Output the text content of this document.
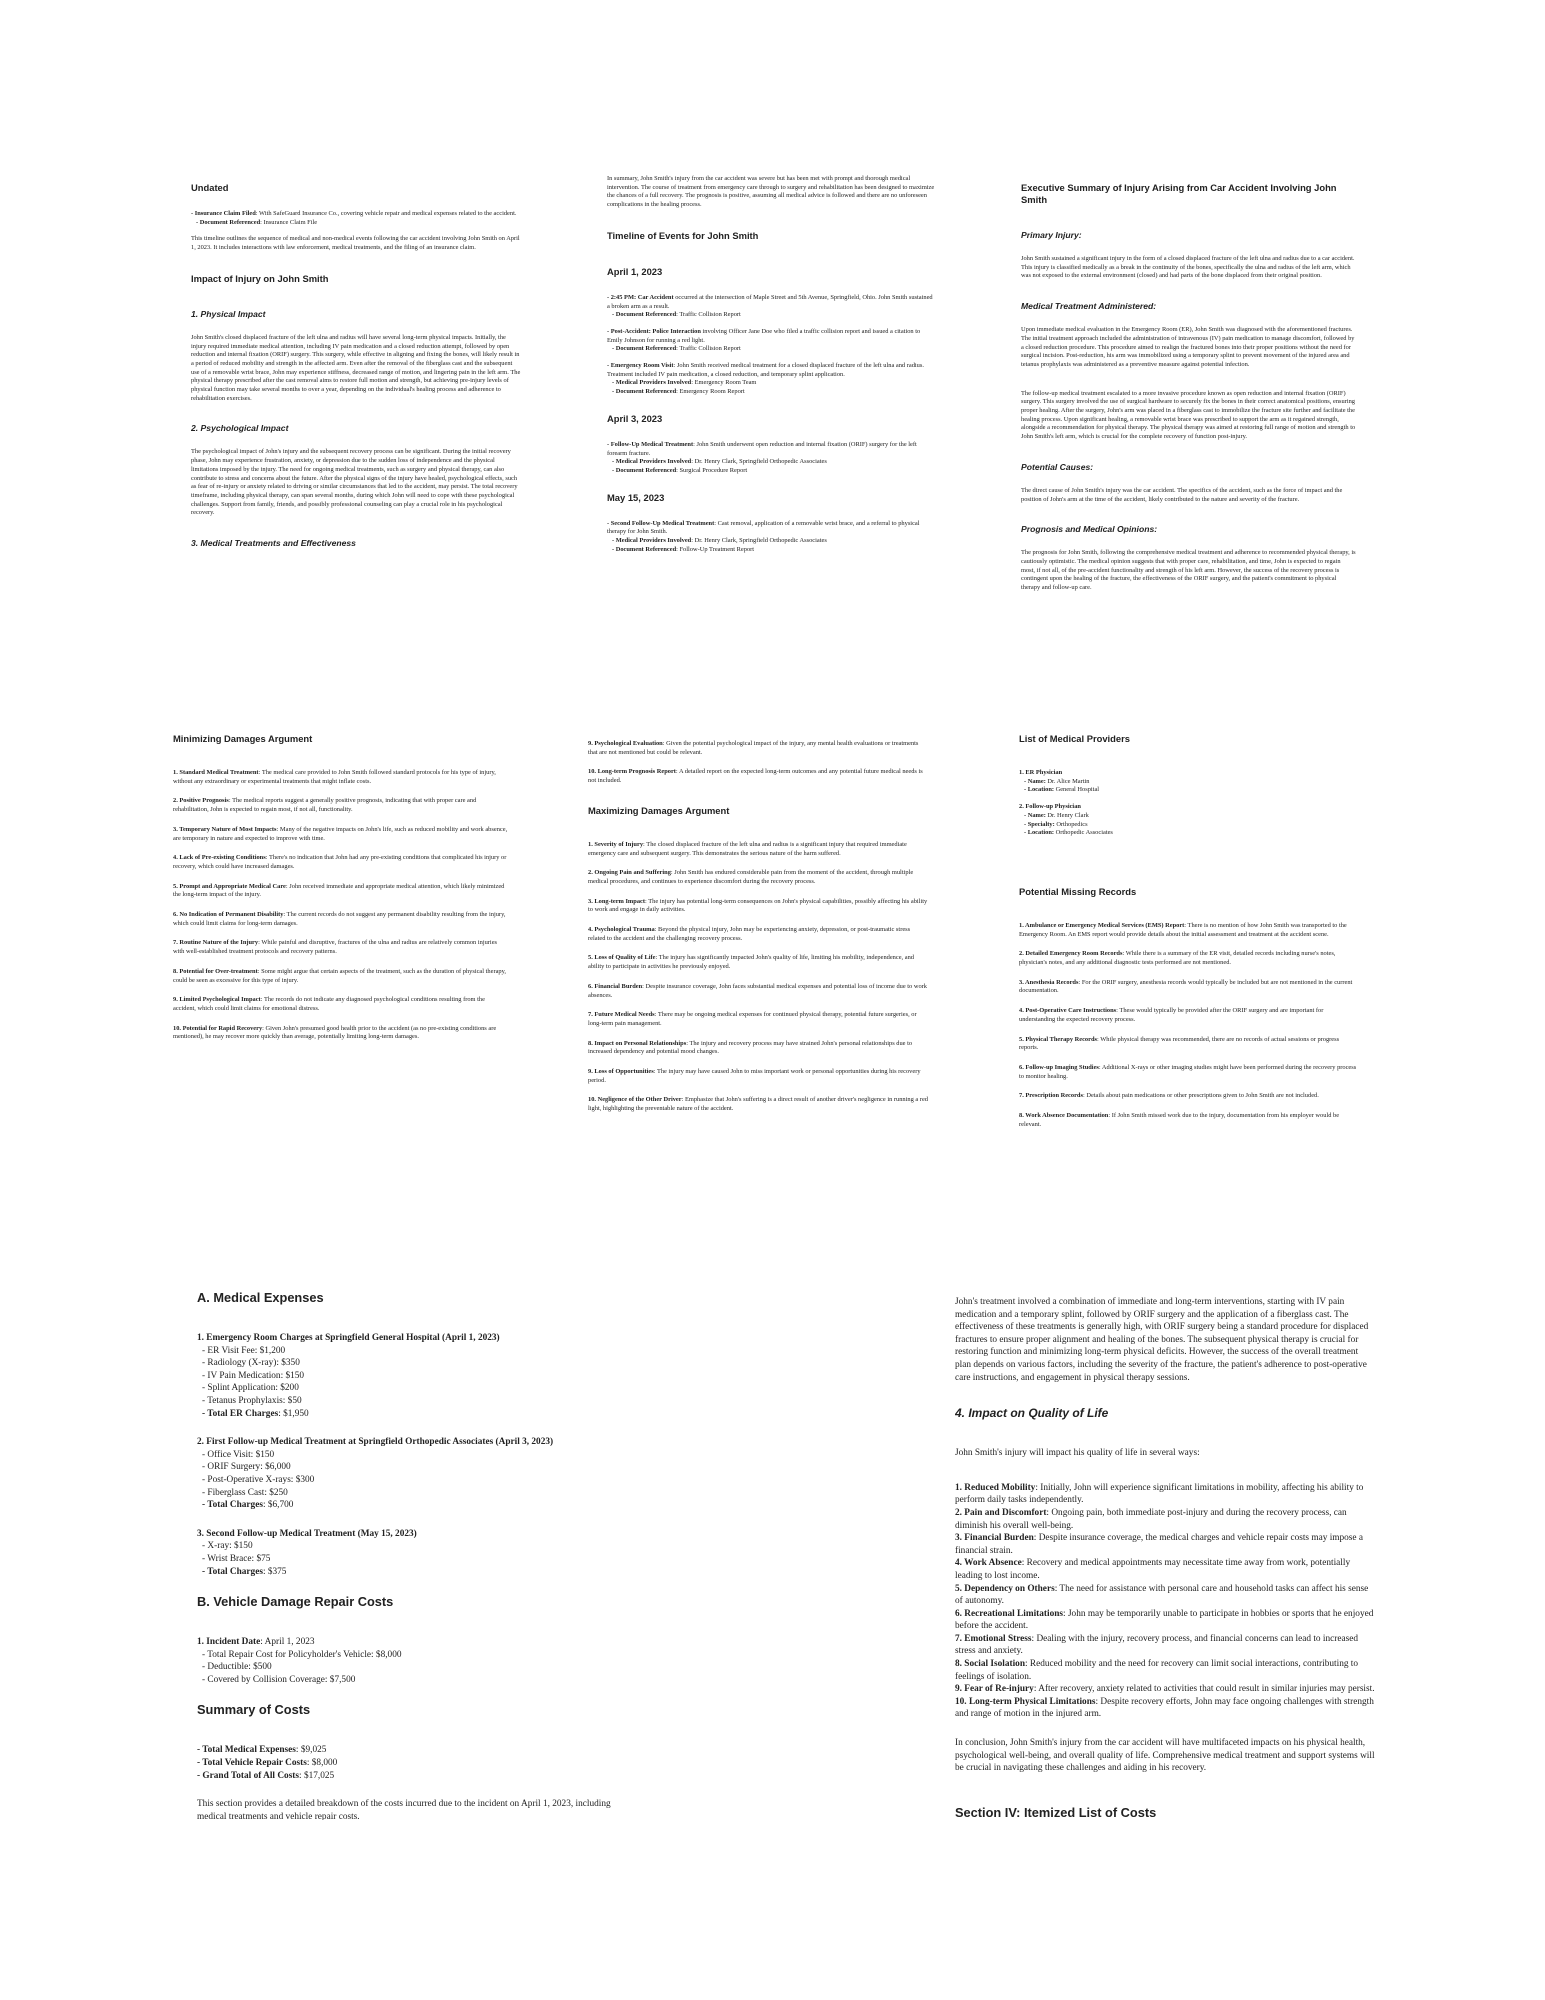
Undated

- Insurance Claim Filed: With SafeGuard Insurance Co., covering vehicle repair and medical expenses related to the accident.

- Document Referenced: Insurance Claim File

This timeline outlines the sequence of medical and non-medical events following the car accident involving John Smith on April 1, 2023. It includes interactions with law enforcement, medical treatments, and the filing of an insurance claim.

Impact of Injury on John Smith
1. Physical Impact

John Smith's closed displaced fracture of the left ulna and radius will have several long-term physical impacts. Initially, the injury required immediate medical attention, including IV pain medication and a closed reduction attempt, followed by open reduction and internal fixation (ORIF) surgery. This surgery, while effective in aligning and fixing the bones, will likely result in a period of reduced mobility and strength in the affected arm. Even after the removal of the fiberglass cast and the subsequent use of a removable wrist brace, John may experience stiffness, decreased range of motion, and lingering pain in the left arm. The physical therapy prescribed after the cast removal aims to restore full motion and strength, but achieving pre-injury levels of physical function may take several months to over a year, depending on the individual's healing process and adherence to rehabilitation exercises.

2. Psychological Impact

The psychological impact of John's injury and the subsequent recovery process can be significant. During the initial recovery phase, John may experience frustration, anxiety, or depression due to the sudden loss of independence and the physical limitations imposed by the injury. The need for ongoing medical treatments, such as surgery and physical therapy, can also contribute to stress and concerns about the future. After the physical signs of the injury have healed, psychological effects, such as fear of re-injury or anxiety related to driving or similar circumstances that led to the accident, may persist. The total recovery timeframe, including physical therapy, can span several months, during which John will need to cope with these psychological challenges. Support from family, friends, and possibly professional counseling can play a crucial role in his psychological recovery.

3. Medical Treatments and Effectiveness

In summary, John Smith's injury from the car accident was severe but has been met with prompt and thorough medical intervention. The course of treatment from emergency care through to surgery and rehabilitation has been designed to maximize the chances of a full recovery. The prognosis is positive, assuming all medical advice is followed and there are no unforeseen complications in the healing process.

Timeline of Events for John Smith
April 1, 2023

- 2:45 PM: Car Accident occurred at the intersection of Maple Street and 5th Avenue, Springfield, Ohio. John Smith sustained a broken arm as a result.

- Document Referenced: Traffic Collision Report

- Post-Accident: Police Interaction involving Officer Jane Doe who filed a traffic collision report and issued a citation to Emily Johnson for running a red light.

- Document Referenced: Traffic Collision Report

- Emergency Room Visit: John Smith received medical treatment for a closed displaced fracture of the left ulna and radius. Treatment included IV pain medication, a closed reduction, and temporary splint application.

- Medical Providers Involved: Emergency Room Team

- Document Referenced: Emergency Room Report

April 3, 2023

- Follow-Up Medical Treatment: John Smith underwent open reduction and internal fixation (ORIF) surgery for the left forearm fracture.

- Medical Providers Involved: Dr. Henry Clark, Springfield Orthopedic Associates

- Document Referenced: Surgical Procedure Report

May 15, 2023

- Second Follow-Up Medical Treatment: Cast removal, application of a removable wrist brace, and a referral to physical therapy for John Smith.

- Medical Providers Involved: Dr. Henry Clark, Springfield Orthopedic Associates

- Document Referenced: Follow-Up Treatment Report

Executive Summary of Injury Arising from Car Accident Involving John Smith
Primary Injury:

John Smith sustained a significant injury in the form of a closed displaced fracture of the left ulna and radius due to a car accident. This injury is classified medically as a break in the continuity of the bones, specifically the ulna and radius of the left arm, which was not exposed to the external environment (closed) and had parts of the bone displaced from their original position.

Medical Treatment Administered:

Upon immediate medical evaluation in the Emergency Room (ER), John Smith was diagnosed with the aforementioned fractures. The initial treatment approach included the administration of intravenous (IV) pain medication to manage discomfort, followed by a closed reduction procedure. This procedure aimed to realign the fractured bones into their proper positions without the need for surgical incision. Post-reduction, his arm was immobilized using a temporary splint to prevent movement of the injured area and tetanus prophylaxis was administered as a preventive measure against potential infection.

The follow-up medical treatment escalated to a more invasive procedure known as open reduction and internal fixation (ORIF) surgery. This surgery involved the use of surgical hardware to securely fix the bones in their correct anatomical positions, ensuring proper healing. After the surgery, John's arm was placed in a fiberglass cast to immobilize the fracture site further and facilitate the healing process. Upon significant healing, a removable wrist brace was prescribed to support the arm as it regained strength, alongside a recommendation for physical therapy. The physical therapy was aimed at restoring full range of motion and strength to John Smith's left arm, which is crucial for the complete recovery of function post-injury.

Potential Causes:

The direct cause of John Smith's injury was the car accident. The specifics of the accident, such as the force of impact and the position of John's arm at the time of the accident, likely contributed to the nature and severity of the fracture.

Prognosis and Medical Opinions:

The prognosis for John Smith, following the comprehensive medical treatment and adherence to recommended physical therapy, is cautiously optimistic. The medical opinion suggests that with proper care, rehabilitation, and time, John is expected to regain most, if not all, of the pre-accident functionality and strength of his left arm. However, the success of the recovery process is contingent upon the healing of the fracture, the effectiveness of the ORIF surgery, and the patient's commitment to physical therapy and follow-up care.

Minimizing Damages Argument

1. Standard Medical Treatment: The medical care provided to John Smith followed standard protocols for his type of injury, without any extraordinary or experimental treatments that might inflate costs.

2. Positive Prognosis: The medical reports suggest a generally positive prognosis, indicating that with proper care and rehabilitation, John is expected to regain most, if not all, functionality.

3. Temporary Nature of Most Impacts: Many of the negative impacts on John's life, such as reduced mobility and work absence, are temporary in nature and expected to improve with time.

4. Lack of Pre-existing Conditions: There's no indication that John had any pre-existing conditions that complicated his injury or recovery, which could have increased damages.

5. Prompt and Appropriate Medical Care: John received immediate and appropriate medical attention, which likely minimized the long-term impact of the injury.

6. No Indication of Permanent Disability: The current records do not suggest any permanent disability resulting from the injury, which could limit claims for long-term damages.

7. Routine Nature of the Injury: While painful and disruptive, fractures of the ulna and radius are relatively common injuries with well-established treatment protocols and recovery patterns.

8. Potential for Over-treatment: Some might argue that certain aspects of the treatment, such as the duration of physical therapy, could be seen as excessive for this type of injury.

9. Limited Psychological Impact: The records do not indicate any diagnosed psychological conditions resulting from the accident, which could limit claims for emotional distress.

10. Potential for Rapid Recovery: Given John's presumed good health prior to the accident (as no pre-existing conditions are mentioned), he may recover more quickly than average, potentially limiting long-term damages.

9. Psychological Evaluation: Given the potential psychological impact of the injury, any mental health evaluations or treatments that are not mentioned but could be relevant.

10. Long-term Prognosis Report: A detailed report on the expected long-term outcomes and any potential future medical needs is not included.

Maximizing Damages Argument

1. Severity of Injury: The closed displaced fracture of the left ulna and radius is a significant injury that required immediate emergency care and subsequent surgery. This demonstrates the serious nature of the harm suffered.

2. Ongoing Pain and Suffering: John Smith has endured considerable pain from the moment of the accident, through multiple medical procedures, and continues to experience discomfort during the recovery process.

3. Long-term Impact: The injury has potential long-term consequences on John's physical capabilities, possibly affecting his ability to work and engage in daily activities.

4. Psychological Trauma: Beyond the physical injury, John may be experiencing anxiety, depression, or post-traumatic stress related to the accident and the challenging recovery process.

5. Loss of Quality of Life: The injury has significantly impacted John's quality of life, limiting his mobility, independence, and ability to participate in activities he previously enjoyed.

6. Financial Burden: Despite insurance coverage, John faces substantial medical expenses and potential loss of income due to work absences.

7. Future Medical Needs: There may be ongoing medical expenses for continued physical therapy, potential future surgeries, or long-term pain management.

8. Impact on Personal Relationships: The injury and recovery process may have strained John's personal relationships due to increased dependency and potential mood changes.

9. Loss of Opportunities: The injury may have caused John to miss important work or personal opportunities during his recovery period.

10. Negligence of the Other Driver: Emphasize that John's suffering is a direct result of another driver's negligence in running a red light, highlighting the preventable nature of the accident.

List of Medical Providers

1. ER Physician

- Name: Dr. Alice Martin

- Location: General Hospital

2. Follow-up Physician

- Name: Dr. Henry Clark

- Specialty: Orthopedics

- Location: Orthopedic Associates

Potential Missing Records

1. Ambulance or Emergency Medical Services (EMS) Report: There is no mention of how John Smith was transported to the Emergency Room. An EMS report would provide details about the initial assessment and treatment at the accident scene.

2. Detailed Emergency Room Records: While there is a summary of the ER visit, detailed records including nurse's notes, physician's notes, and any additional diagnostic tests performed are not mentioned.

3. Anesthesia Records: For the ORIF surgery, anesthesia records would typically be included but are not mentioned in the current documentation.

4. Post-Operative Care Instructions: These would typically be provided after the ORIF surgery and are important for understanding the expected recovery process.

5. Physical Therapy Records: While physical therapy was recommended, there are no records of actual sessions or progress reports.

6. Follow-up Imaging Studies: Additional X-rays or other imaging studies might have been performed during the recovery process to monitor healing.

7. Prescription Records: Details about pain medications or other prescriptions given to John Smith are not included.

8. Work Absence Documentation: If John Smith missed work due to the injury, documentation from his employer would be relevant.

A. Medical Expenses

1. Emergency Room Charges at Springfield General Hospital (April 1, 2023)

- ER Visit Fee: $1,200

- Radiology (X-ray): $350

- IV Pain Medication: $150

- Splint Application: $200

- Tetanus Prophylaxis: $50

- Total ER Charges: $1,950

2. First Follow-up Medical Treatment at Springfield Orthopedic Associates (April 3, 2023)

- Office Visit: $150

- ORIF Surgery: $6,000

- Post-Operative X-rays: $300

- Fiberglass Cast: $250

- Total Charges: $6,700

3. Second Follow-up Medical Treatment (May 15, 2023)

- X-ray: $150

- Wrist Brace: $75

- Total Charges: $375

B. Vehicle Damage Repair Costs

1. Incident Date: April 1, 2023

- Total Repair Cost for Policyholder's Vehicle: $8,000

- Deductible: $500

- Covered by Collision Coverage: $7,500

Summary of Costs

- Total Medical Expenses: $9,025

- Total Vehicle Repair Costs: $8,000

- Grand Total of All Costs: $17,025

This section provides a detailed breakdown of the costs incurred due to the incident on April 1, 2023, including medical treatments and vehicle repair costs.

John's treatment involved a combination of immediate and long-term interventions, starting with IV pain medication and a temporary splint, followed by ORIF surgery and the application of a fiberglass cast. The effectiveness of these treatments is generally high, with ORIF surgery being a standard procedure for displaced fractures to ensure proper alignment and healing of the bones. The subsequent physical therapy is crucial for restoring function and minimizing long-term physical deficits. However, the success of the overall treatment plan depends on various factors, including the severity of the fracture, the patient's adherence to post-operative care instructions, and engagement in physical therapy sessions.

4. Impact on Quality of Life

John Smith's injury will impact his quality of life in several ways:

1. Reduced Mobility: Initially, John will experience significant limitations in mobility, affecting his ability to perform daily tasks independently.

2. Pain and Discomfort: Ongoing pain, both immediate post-injury and during the recovery process, can diminish his overall well-being.

3. Financial Burden: Despite insurance coverage, the medical charges and vehicle repair costs may impose a financial strain.

4. Work Absence: Recovery and medical appointments may necessitate time away from work, potentially leading to lost income.

5. Dependency on Others: The need for assistance with personal care and household tasks can affect his sense of autonomy.

6. Recreational Limitations: John may be temporarily unable to participate in hobbies or sports that he enjoyed before the accident.

7. Emotional Stress: Dealing with the injury, recovery process, and financial concerns can lead to increased stress and anxiety.

8. Social Isolation: Reduced mobility and the need for recovery can limit social interactions, contributing to feelings of isolation.

9. Fear of Re-injury: After recovery, anxiety related to activities that could result in similar injuries may persist.

10. Long-term Physical Limitations: Despite recovery efforts, John may face ongoing challenges with strength and range of motion in the injured arm.

In conclusion, John Smith's injury from the car accident will have multifaceted impacts on his physical health, psychological well-being, and overall quality of life. Comprehensive medical treatment and support systems will be crucial in navigating these challenges and aiding in his recovery.

Section IV: Itemized List of Costs
